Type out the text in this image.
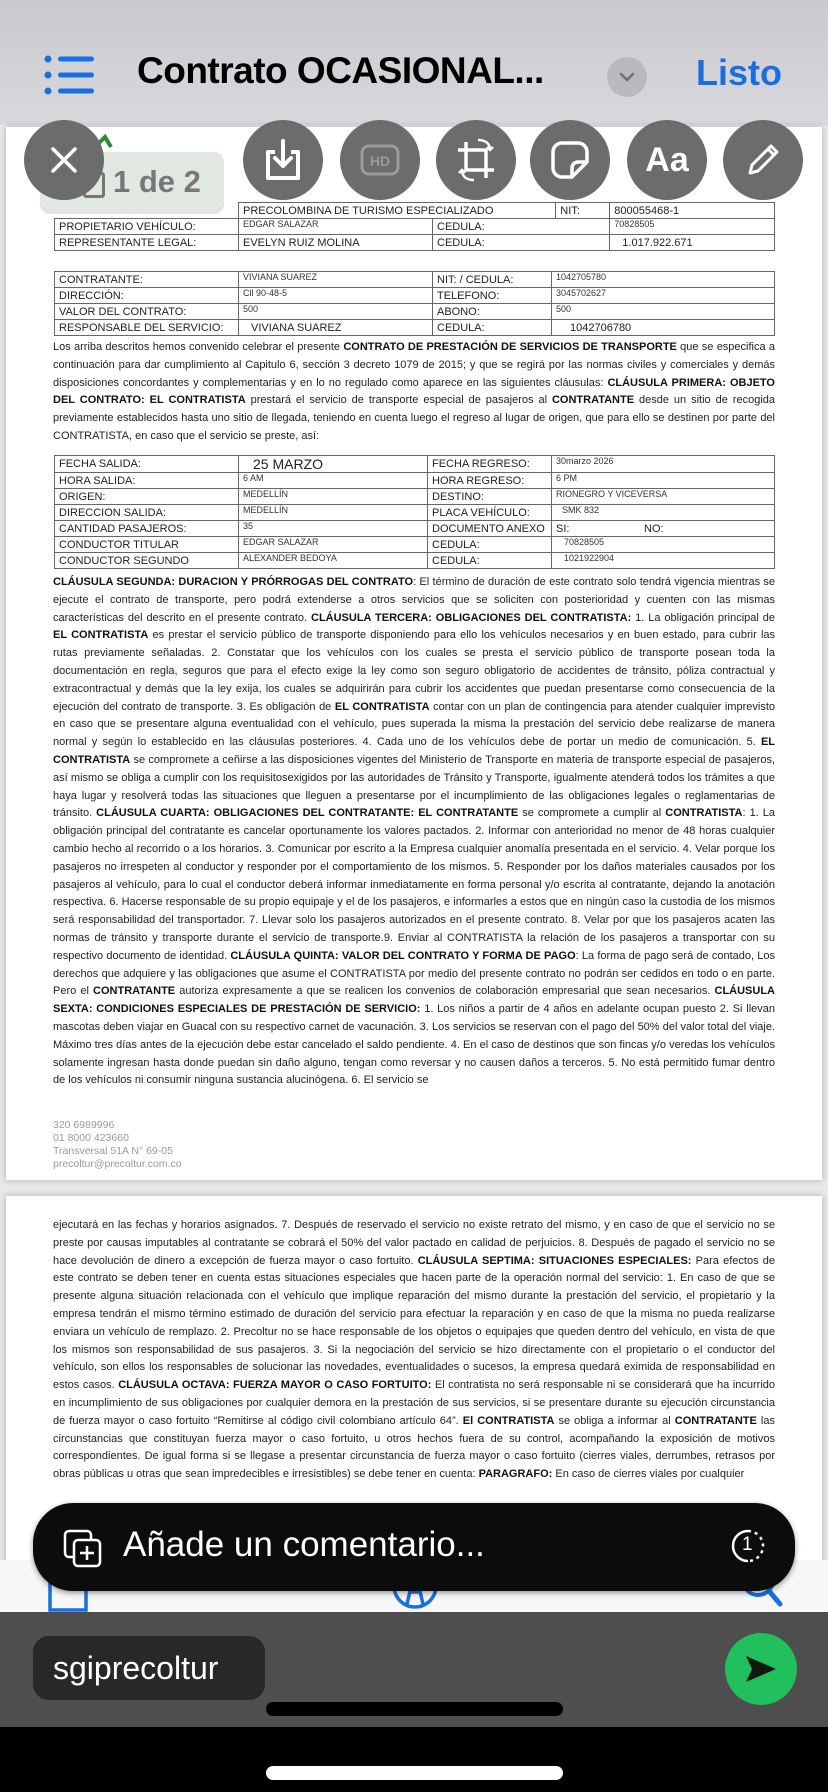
Contrato OCASIONAL...	Listo
	PRECOLOMBINA DE TURISMO ESPECIALIZADO		NIT:	800055468-1
PROPIETARIO VEHÍCULO:	EDGAR SALAZAR	CEDULA:		70828505
REPRESENTANTE LEGAL:	EVELYN RUIZ MOLINA	CEDULA:		1.017.922.671
CONTRATANTE:	VIVIANA SUAREZ	NIT: / CEDULA:	1042705780
DIRECCIÓN:	Cll 90-48-5	TELEFONO:	3045702627
VALOR DEL CONTRATO:	500	ABONO:	500
RESPONSABLE DEL SERVICIO:	VIVIANA SUAREZ	CEDULA:	1042706780
Los arriba descritos hemos convenido celebrar el presente CONTRATO DE PRESTACIÓN DE SERVICIOS DE TRANSPORTE que se especifica a continuación para dar cumplimiento al Capitulo 6, sección 3 decreto 1079 de 2015; y que se regirá por las normas civiles y comerciales y demás disposiciones concordantes y complementarias y en lo no regulado como aparece en las siguientes cláusulas: CLÁUSULA PRIMERA: OBJETO DEL CONTRATO: EL CONTRATISTA prestará el servicio de transporte especial de pasajeros al CONTRATANTE desde un sitio de recogida previamente establecidos hasta uno sitio de llegada, teniendo en cuenta luego el regreso al lugar de origen, que para ello se destinen por parte del CONTRATISTA, en caso que el servicio se preste, así:
FECHA SALIDA:	25 MARZO	FECHA REGRESO:	30marzo 2026	
HORA SALIDA:	6 AM	HORA REGRESO:	6 PM	
ORIGEN:	MEDELLÍN	DESTINO:	RIONEGRO Y VICEVERSA	
DIRECCION SALIDA:	MEDELLÍN	PLACA VEHÍCULO:	SMK 832	
CANTIDAD PASAJEROS:	35	DOCUMENTO ANEXO	SI:	NO:
CONDUCTOR TITULAR	EDGAR SALAZAR	CEDULA:	70828505	
CONDUCTOR SEGUNDO	ALEXANDER BEDOYA	CEDULA:	1021922904	
CLÁUSULA SEGUNDA: DURACION Y PRÓRROGAS DEL CONTRATO: El término de duración de este contrato solo tendrá vigencia mientras se ejecute el contrato de transporte, pero podrá extenderse a otros servicios que se soliciten con posterioridad y cuenten con las mismas características del descrito en el presente contrato. CLÁUSULA TERCERA: OBLIGACIONES DEL CONTRATISTA: 1. La obligación principal de EL CONTRATISTA es prestar el servicio público de transporte disponiendo para ello los vehículos necesarios y en buen estado, para cubrir las rutas previamente señaladas. 2. Constatar que los vehículos con los cuales se presta el servicio público de transporte posean toda la documentación en regla, seguros que para el efecto exige la ley como son seguro obligatorio de accidentes de tránsito, póliza contractual y extracontractual y demás que la ley exija, los cuales se adquirirán para cubrir los accidentes que puedan presentarse como consecuencia de la ejecución del contrato de transporte. 3. Es obligación de EL CONTRATISTA contar con un plan de contingencia para atender cualquier imprevisto en caso que se presentare alguna eventualidad con el vehículo, pues superada la misma la prestación del servicio debe realizarse de manera normal y según lo establecido en las cláusulas posteriores. 4. Cada uno de los vehículos debe de portar un medio de comunicación. 5. EL CONTRATISTA se compromete a ceñirse a las disposiciones vigentes del Ministerio de Transporte en materia de transporte especial de pasajeros, así mismo se obliga a cumplir con los requisitosexigidos por las autoridades de Tránsito y Transporte, igualmente atenderá todos los trámites a que haya lugar y resolverá todas las situaciones que lleguen a presentarse por el incumplimiento de las obligaciones legales o reglamentarias de tránsito. CLÁUSULA CUARTA: OBLIGACIONES DEL CONTRATANTE: EL CONTRATANTE se compromete a cumplir al CONTRATISTA: 1. La obligación principal del contratante es cancelar oportunamente los valores pactados. 2. Informar con anterioridad no menor de 48 horas cualquier cambio hecho al recorrido o a los horarios. 3. Comunicar por escrito a la Empresa cualquier anomalía presentada en el servicio. 4. Velar porque los pasajeros no irrespeten al conductor y responder por el comportamiento de los mismos. 5. Responder por los daños materiales causados por los pasajeros al vehículo, para lo cual el conductor deberá informar inmediatamente en forma personal y/o escrita al contratante, dejando la anotación respectiva. 6. Hacerse responsable de su propio equipaje y el de los pasajeros, e informarles a estos que en ningún caso la custodia de los mismos será responsabilidad del transportador. 7. Llevar solo los pasajeros autorizados en el presente contrato. 8. Velar por que los pasajeros acaten las normas de tránsito y transporte durante el servicio de transporte.9. Enviar al CONTRATISTA la relación de los pasajeros a transportar con su respectivo documento de identidad. CLÁUSULA QUINTA: VALOR DEL CONTRATO Y FORMA DE PAGO: La forma de pago será de contado, Los derechos que adquiere y las obligaciones que asume el CONTRATISTA por medio del presente contrato no podrán ser cedidos en todo o en parte. Pero el CONTRATANTE autoriza expresamente a que se realicen los convenios de colaboración empresarial que sean necesarios. CLÁUSULA SEXTA: CONDICIONES ESPECIALES DE PRESTACIÓN DE SERVICIO: 1. Los niños a partir de 4 años en adelante ocupan puesto 2. Si llevan mascotas deben viajar en Guacal con su respectivo carnet de vacunación. 3. Los servicios se reservan con el pago del 50% del valor total del viaje. Máximo tres días antes de la ejecución debe estar cancelado el saldo pendiente. 4. En el caso de destinos que son fincas y/o veredas los vehículos solamente ingresan hasta donde puedan sin daño alguno, tengan como reversar y no causen daños a terceros. 5. No está permitido fumar dentro de los vehículos ni consumir ninguna sustancia alucinógena. 6. El servicio se
320 6989996
01 8000 423660
Transversal 51A N° 69-05
precoltur@precoltur.com.co
ejecutará en las fechas y horarios asignados. 7. Después de reservado el servicio no existe retrato del mismo, y en caso de que el servicio no se preste por causas imputables al contratante se cobrará el 50% del valor pactado en calidad de perjuicios. 8. Después de pagado el servicio no se hace devolución de dinero a excepción de fuerza mayor o caso fortuito. CLÁUSULA SEPTIMA: SITUACIONES ESPECIALES: Para efectos de este contrato se deben tener en cuenta estas situaciones especiales que hacen parte de la operación normal del servicio: 1. En caso de que se presente alguna situación relacionada con el vehículo que implique reparación del mismo durante la prestación del servicio, el propietario y la empresa tendrán el mismo término estimado de duración del servicio para efectuar la reparación y en caso de que la misma no pueda realizarse enviara un vehículo de remplazo. 2. Precoltur no se hace responsable de los objetos o equipajes que queden dentro del vehículo, en vista de que los mismos son responsabilidad de sus pasajeros. 3. Si la negociación del servicio se hizo directamente con el propietario o el conductor del vehículo, son ellos los responsables de solucionar las novedades, eventualidades o sucesos, la empresa quedará eximida de responsabilidad en estos casos. CLÁUSULA OCTAVA: FUERZA MAYOR O CASO FORTUITO: El contratista no será responsable ni se considerará que ha incurrido en incumplimiento de sus obligaciones por cualquier demora en la prestación de sus servicios, si se presentare durante su ejecución circunstancia de fuerza mayor o caso fortuito “Remitirse al código civil colombiano artículo 64”. El CONTRATISTA se obliga a informar al CONTRATANTE las circunstancias que constituyan fuerza mayor o caso fortuito, u otros hechos fuera de su control, acompañando la exposición de motivos correspondientes. De igual forma si se llegase a presentar circunstancia de fuerza mayor o caso fortuito (cierres viales, derrumbes, retrasos por obras públicas u otras que sean impredecibles e irresistibles) se debe tener en cuenta: PARAGRAFO: En caso de cierres viales por cualquier
1 de 2
HD	Aa
Añade un comentario...	1
sgiprecoltur
